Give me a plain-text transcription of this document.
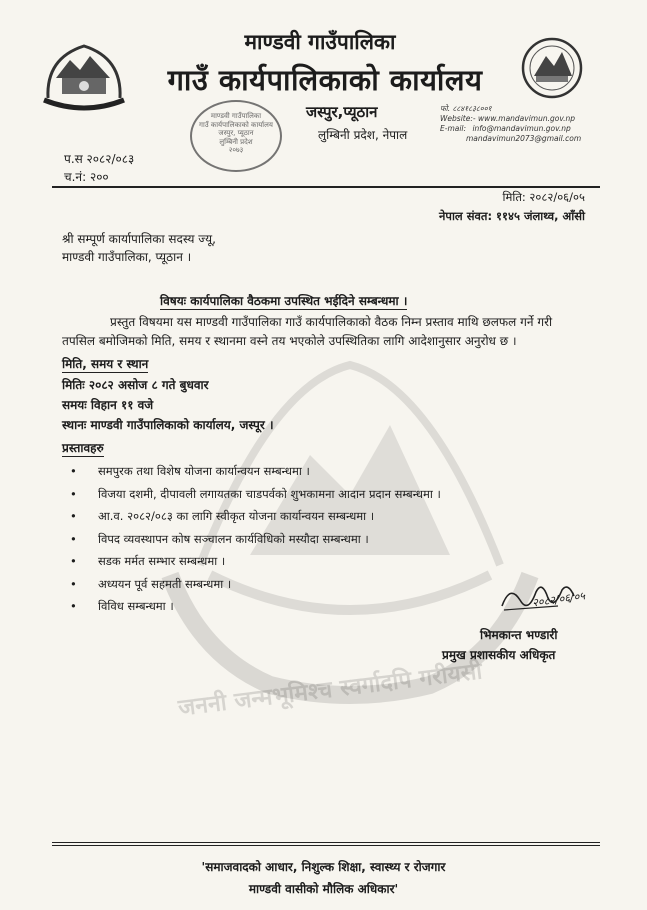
जननी जन्मभूमिश्च स्वर्गादपि गरीयसी
माण्डवी गाउँपालिका
गाउँ कार्यपालिकाको कार्यालय
माण्डवी गाउँपालिका
गाउँ कार्यपालिकाको कार्यालय
जस्पुर, प्यूठान
लुम्बिनी प्रदेश
२०७३
जस्पुर,प्यूठान
लुम्बिनी प्रदेश, नेपाल
फो. ८८४१८३८००१
Website:- www.mandavimun.gov.np
E-mail: info@mandavimun.gov.np
mandavimun2073@gmail.com
प.स २०८२/०८३
च.नं: २००
मिति: २०८२/०६/०५
नेपाल संवत: ११४५ जंलाथ्व, आँसी
श्री सम्पूर्ण कार्यापालिका सदस्य ज्यू,
माण्डवी गाउँपालिका, प्यूठान ।
विषयः कार्यपालिका वैठकमा उपस्थित भईदिने सम्बन्धमा ।
प्रस्तुत विषयमा यस माण्डवी गाउँपालिका गाउँ कार्यपालिकाको वैठक निम्न प्रस्ताव माथि छलफल गर्ने गरी
तपसिल बमोजिमको मिति, समय र स्थानमा वस्ने तय भएकोले उपस्थितिका लागि आदेशानुसार अनुरोध छ ।
मिति, समय र स्थान
मितिः २०८२ असोज ८ गते बुधवार
समयः विहान ११ वजे
स्थानः माण्डवी गाउँपालिकाको कार्यालय, जस्पूर ।
प्रस्तावहरु
•	समपुरक तथा विशेष योजना कार्यान्वयन सम्बन्धमा ।
•	विजया दशमी, दीपावली लगायतका चाडपर्वको शुभकामना आदान प्रदान सम्बन्धमा ।
•	आ.व. २०८२/०८३ का लागि स्वीकृत योजना कार्यान्वयन सम्बन्धमा ।
•	विपद व्यवस्थापन कोष सञ्चालन कार्यविधिको मस्यौदा सम्बन्धमा ।
•	सडक मर्मत सम्भार सम्बन्धमा ।
•	अध्ययन पूर्व सहमती सम्बन्धमा ।
•	विविध सम्बन्धमा ।	२०८२/०६/०५
भिमकान्त भण्डारी
प्रमुख प्रशासकीय अधिकृत
'समाजवादको आधार, निशुल्क शिक्षा, स्वास्थ्य र रोजगार
माण्डवी वासीको मौलिक अधिकार'
